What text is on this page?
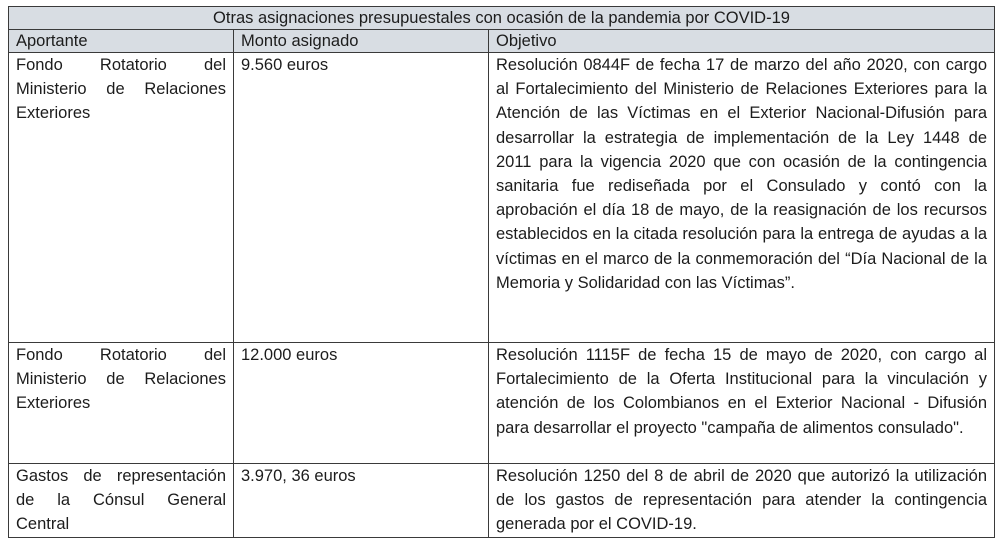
Otras asignaciones presupuestales con ocasión de la pandemia por COVID-19		
Aportante	Monto asignado	Objetivo
Fondo Rotatorio del Ministerio de Relaciones Exteriores	9.560 euros	Resolución 0844F de fecha 17 de marzo del año 2020, con cargo al Fortalecimiento del Ministerio de Relaciones Exteriores para la Atención de las Víctimas en el Exterior Nacional-Difusión para desarrollar la estrategia de implementación de la Ley 1448 de 2011 para la vigencia 2020 que con ocasión de la contingencia sanitaria fue rediseñada por el Consulado y contó con la aprobación el día 18 de mayo, de la reasignación de los recursos establecidos en la citada resolución para la entrega de ayudas a la víctimas en el marco de la conmemoración del “Día Nacional de la Memoria y Solidaridad con las Víctimas”.
Fondo Rotatorio del Ministerio de Relaciones Exteriores	12.000 euros	Resolución 1115F de fecha 15 de mayo de 2020, con cargo al Fortalecimiento de la Oferta Institucional para la vinculación y atención de los Colombianos en el Exterior Nacional - Difusión para desarrollar el proyecto "campaña de alimentos consulado".
Gastos de representación de la Cónsul General Central	3.970, 36 euros	Resolución 1250 del 8 de abril de 2020 que autorizó la utilización de los gastos de representación para atender la contingencia generada por el COVID-19.
